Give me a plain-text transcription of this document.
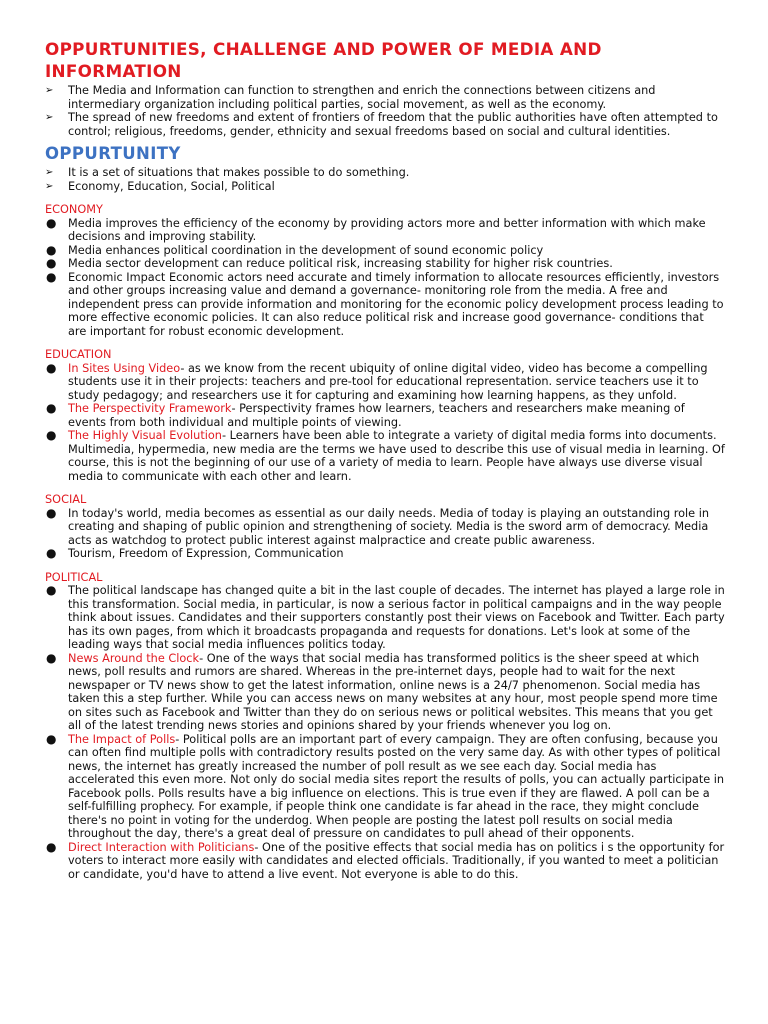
OPPURTUNITIES, CHALLENGE AND POWER OF MEDIA AND INFORMATION
➢	The Media and Information can function to strengthen and enrich the connections between citizens and intermediary organization including political parties, social movement, as well as the economy.
➢	The spread of new freedoms and extent of frontiers of freedom that the public authorities have often attempted to control; religious, freedoms, gender, ethnicity and sexual freedoms based on social and cultural identities.
OPPURTUNITY
➢	It is a set of situations that makes possible to do something.
➢	Economy, Education, Social, Political
ECONOMY
●	Media improves the efficiency of the economy by providing actors more and better information with which make decisions and improving stability.
●	Media enhances political coordination in the development of sound economic policy
●	Media sector development can reduce political risk, increasing stability for higher risk countries.
●	Economic Impact Economic actors need accurate and timely information to allocate resources efficiently, investors and other groups increasing value and demand a governance- monitoring role from the media. A free and independent press can provide information and monitoring for the economic policy development process leading to more effective economic policies. It can also reduce political risk and increase good governance- conditions that are important for robust economic development.
EDUCATION
●	In Sites Using Video- as we know from the recent ubiquity of online digital video, video has become a compelling students use it in their projects: teachers and pre-tool for educational representation. service teachers use it to study pedagogy; and researchers use it for capturing and examining how learning happens, as they unfold.
●	The Perspectivity Framework- Perspectivity frames how learners, teachers and researchers make meaning of events from both individual and multiple points of viewing.
●	The Highly Visual Evolution- Learners have been able to integrate a variety of digital media forms into documents. Multimedia, hypermedia, new media are the terms we have used to describe this use of visual media in learning. Of course, this is not the beginning of our use of a variety of media to learn. People have always use diverse visual media to communicate with each other and learn.
SOCIAL
●	In today's world, media becomes as essential as our daily needs. Media of today is playing an outstanding role in creating and shaping of public opinion and strengthening of society. Media is the sword arm of democracy. Media acts as watchdog to protect public interest against malpractice and create public awareness.
●	Tourism, Freedom of Expression, Communication
POLITICAL
●	The political landscape has changed quite a bit in the last couple of decades. The internet has played a large role in this transformation. Social media, in particular, is now a serious factor in political campaigns and in the way people think about issues. Candidates and their supporters constantly post their views on Facebook and Twitter. Each party has its own pages, from which it broadcasts propaganda and requests for donations. Let's look at some of the leading ways that social media influences politics today.
●	News Around the Clock- One of the ways that social media has transformed politics is the sheer speed at which news, poll results and rumors are shared. Whereas in the pre-internet days, people had to wait for the next newspaper or TV news show to get the latest information, online news is a 24/7 phenomenon. Social media has taken this a step further. While you can access news on many websites at any hour, most people spend more time on sites such as Facebook and Twitter than they do on serious news or political websites. This means that you get all of the latest trending news stories and opinions shared by your friends whenever you log on.
●	The Impact of Polls- Political polls are an important part of every campaign. They are often confusing, because you can often find multiple polls with contradictory results posted on the very same day. As with other types of political news, the internet has greatly increased the number of poll result as we see each day. Social media has accelerated this even more. Not only do social media sites report the results of polls, you can actually participate in Facebook polls. Polls results have a big influence on elections. This is true even if they are flawed. A poll can be a self-fulfilling prophecy. For example, if people think one candidate is far ahead in the race, they might conclude there's no point in voting for the underdog. When people are posting the latest poll results on social media throughout the day, there's a great deal of pressure on candidates to pull ahead of their opponents.
●	Direct Interaction with Politicians- One of the positive effects that social media has on politics i s the opportunity for voters to interact more easily with candidates and elected officials. Traditionally, if you wanted to meet a politician or candidate, you'd have to attend a live event. Not everyone is able to do this.
